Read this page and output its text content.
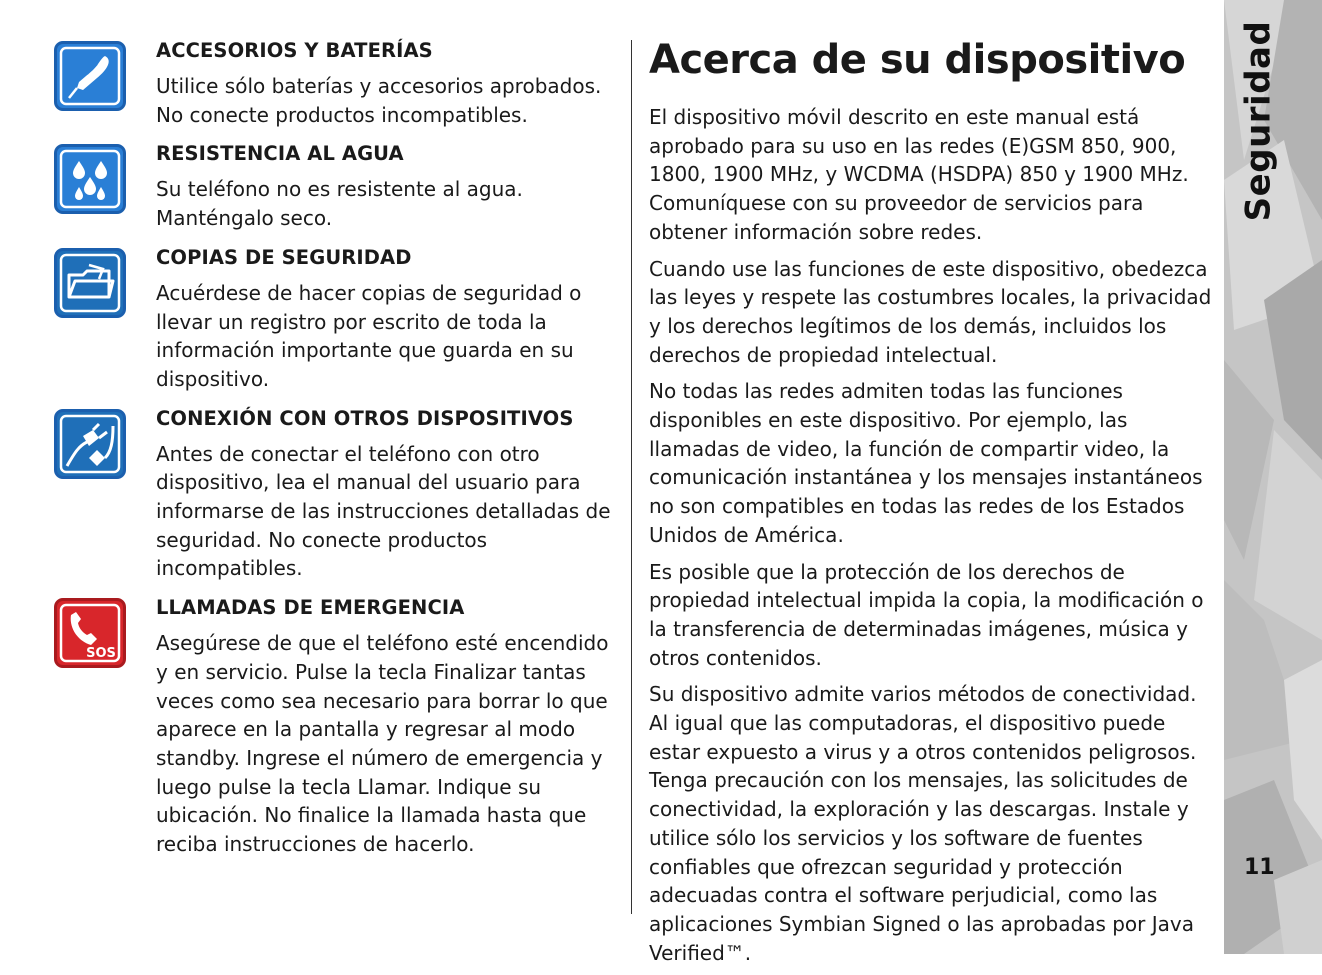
ACCESORIOS Y BATERÍAS

Utilice sólo baterías y accesorios aprobados. No conecte productos incompatibles.

RESISTENCIA AL AGUA

Su teléfono no es resistente al agua. Manténgalo seco.

COPIAS DE SEGURIDAD

Acuérdese de hacer copias de seguridad o llevar un registro por escrito de toda la información importante que guarda en su dispositivo.

CONEXIÓN CON OTROS DISPOSITIVOS

Antes de conectar el teléfono con otro dispositivo, lea el manual del usuario para informarse de las instrucciones detalladas de seguridad. No conecte productos incompatibles.

SOS

LLAMADAS DE EMERGENCIA

Asegúrese de que el teléfono esté encendido y en servicio. Pulse la tecla Finalizar tantas veces como sea necesario para borrar lo que aparece en la pantalla y regresar al modo standby. Ingrese el número de emergencia y luego pulse la tecla Llamar. Indique su ubicación. No finalice la llamada hasta que reciba instrucciones de hacerlo.

Acerca de su dispositivo

El dispositivo móvil descrito en este manual está aprobado para su uso en las redes (E)GSM 850, 900, 1800, 1900 MHz, y WCDMA (HSDPA) 850 y 1900 MHz. Comuníquese con su proveedor de servicios para obtener información sobre redes.

Cuando use las funciones de este dispositivo, obedezca las leyes y respete las costumbres locales, la privacidad y los derechos legítimos de los demás, incluidos los derechos de propiedad intelectual.

No todas las redes admiten todas las funciones disponibles en este dispositivo. Por ejemplo, las llamadas de video, la función de compartir video, la comunicación instantánea y los mensajes instantáneos no son compatibles en todas las redes de los Estados Unidos de América.

Es posible que la protección de los derechos de propiedad intelectual impida la copia, la modificación o la transferencia de determinadas imágenes, música y otros contenidos.

Su dispositivo admite varios métodos de conectividad. Al igual que las computadoras, el dispositivo puede estar expuesto a virus y a otros contenidos peligrosos. Tenga precaución con los mensajes, las solicitudes de conectividad, la exploración y las descargas. Instale y utilice sólo los servicios y los software de fuentes confiables que ofrezcan seguridad y protección adecuadas contra el software perjudicial, como las aplicaciones Symbian Signed o las aprobadas por Java Verified™.

Seguridad
11
